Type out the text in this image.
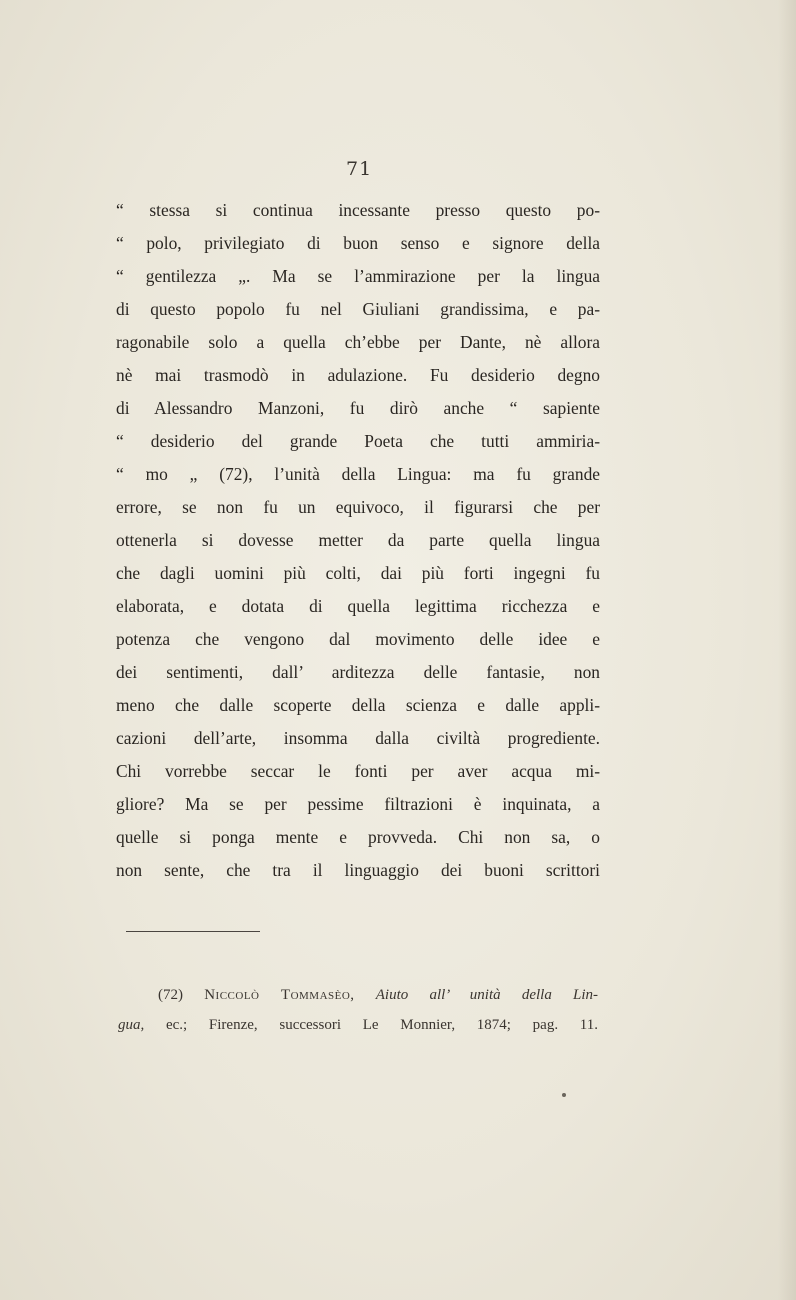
71
“ stessa si continua incessante presso questo po-
“ polo, privilegiato di buon senso e signore della
“ gentilezza „. Ma se l’ammirazione per la lingua
di questo popolo fu nel Giuliani grandissima, e pa-
ragonabile solo a quella ch’ebbe per Dante, nè allora
nè mai trasmodò in adulazione. Fu desiderio degno
di Alessandro Manzoni, fu dirò anche “ sapiente
“ desiderio del grande Poeta che tutti ammiria-
“ mo „ (72), l’unità della Lingua: ma fu grande
errore, se non fu un equivoco, il figurarsi che per
ottenerla si dovesse metter da parte quella lingua
che dagli uomini più colti, dai più forti ingegni fu
elaborata, e dotata di quella legittima ricchezza e
potenza che vengono dal movimento delle idee e
dei sentimenti, dall’ arditezza delle fantasie, non
meno che dalle scoperte della scienza e dalle appli-
cazioni dell’arte, insomma dalla civiltà progrediente.
Chi vorrebbe seccar le fonti per aver acqua mi-
gliore? Ma se per pessime filtrazioni è inquinata, a
quelle si ponga mente e provveda. Chi non sa, o
non sente, che tra il linguaggio dei buoni scrittori
(72) Niccolò Tommasèo, Aiuto all’ unità della Lin-
gua, ec.; Firenze, successori Le Monnier, 1874; pag. 11.
